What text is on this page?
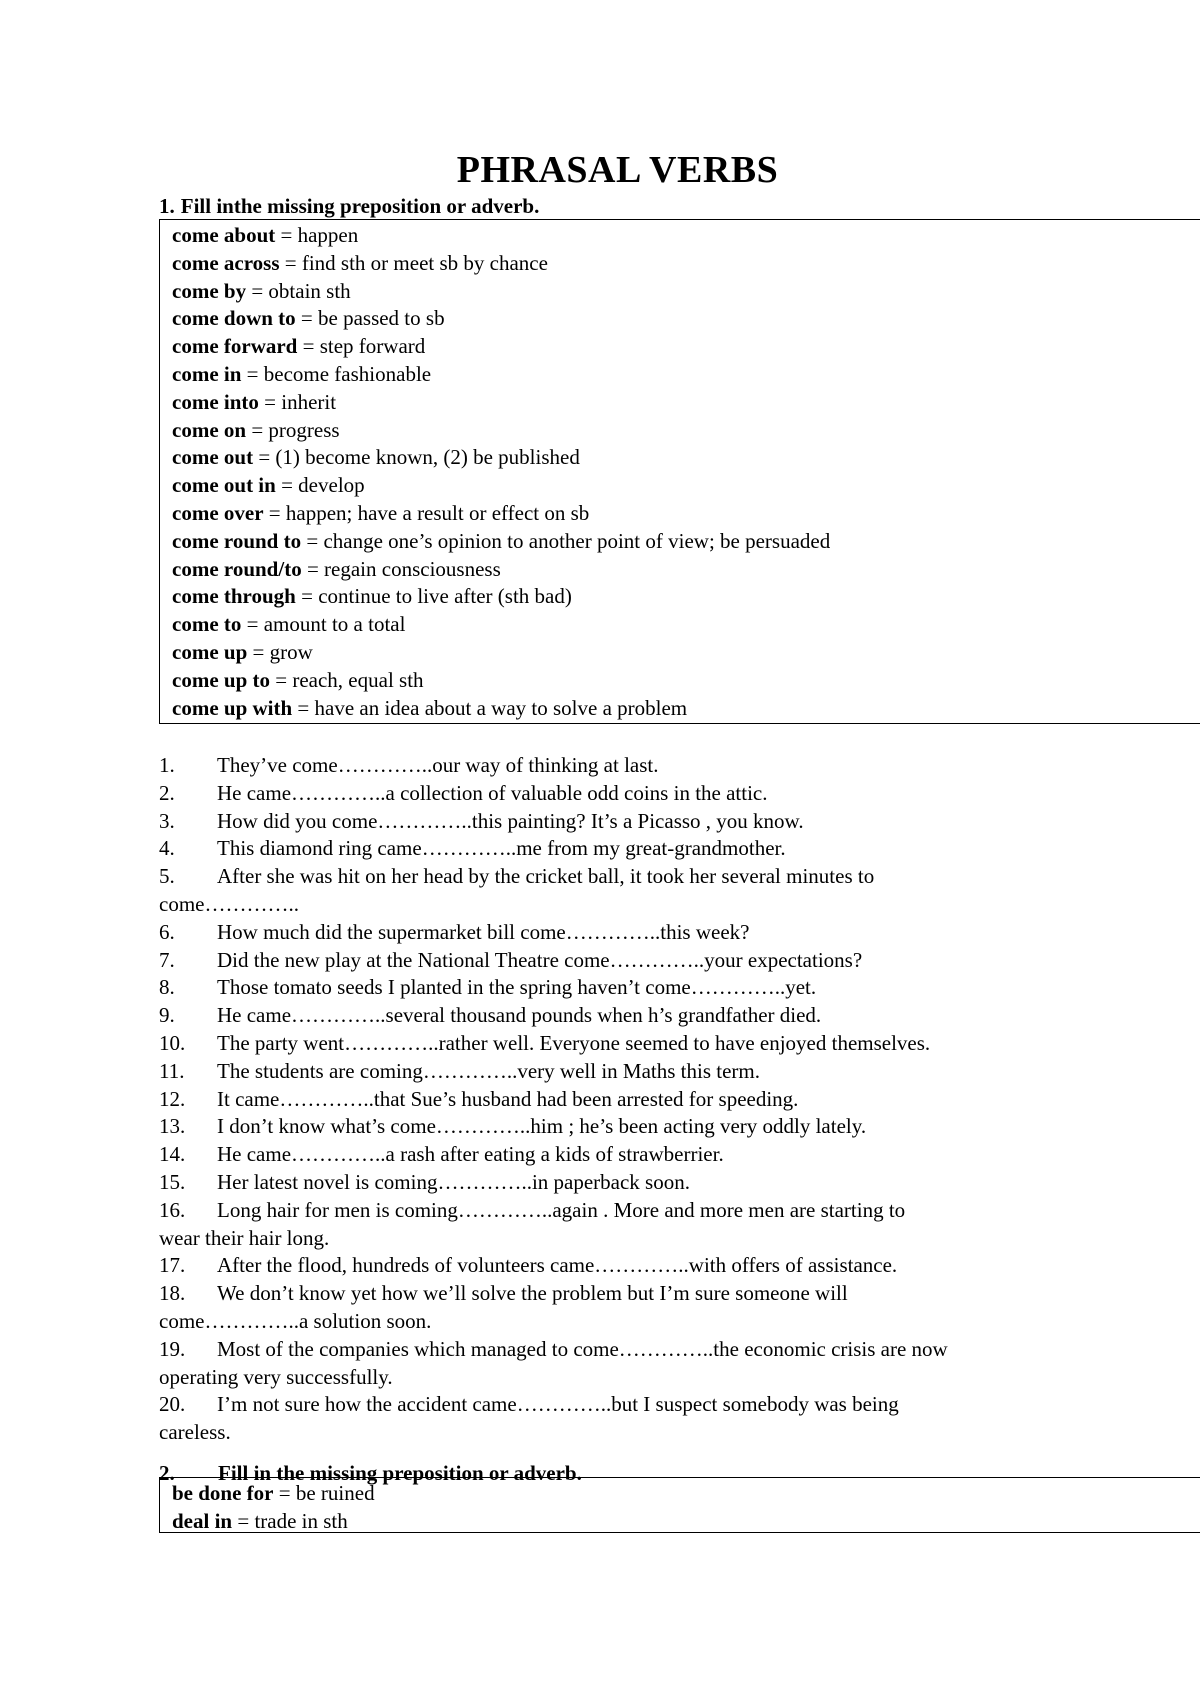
PHRASAL VERBS
1. Fill inthe missing preposition or adverb.
come about = happen
come across = find sth or meet sb by chance
come by = obtain sth
come down to = be passed to sb
come forward = step forward
come in = become fashionable
come into = inherit
come on = progress
come out = (1) become known, (2) be published
come out in = develop
come over = happen; have a result or effect on sb
come round to = change one’s opinion to another point of view; be persuaded
come round/to = regain consciousness
come through = continue to live after (sth bad)
come to = amount to a total
come up = grow
come up to = reach, equal sth
come up with = have an idea about a way to solve a problem
1. They’ve come…………..our way of thinking at last.
2. He came…………..a collection of valuable odd coins in the attic.
3. How did you come…………..this painting? It’s a Picasso , you know.
4. This diamond ring came…………..me from my great-grandmother.
5. After she was hit on her head by the cricket ball, it took her several minutes to
come…………..
6. How much did the supermarket bill come…………..this week?
7. Did the new play at the National Theatre come…………..your expectations?
8. Those tomato seeds I planted in the spring haven’t come…………..yet.
9. He came…………..several thousand pounds when h’s grandfather died.
10. The party went…………..rather well. Everyone seemed to have enjoyed themselves.
11. The students are coming…………..very well in Maths this term.
12. It came…………..that Sue’s husband had been arrested for speeding.
13. I don’t know what’s come…………..him ; he’s been acting very oddly lately.
14. He came…………..a rash after eating a kids of strawberrier.
15. Her latest novel is coming…………..in paperback soon.
16. Long hair for men is coming…………..again . More and more men are starting to
wear their hair long.
17. After the flood, hundreds of volunteers came…………..with offers of assistance.
18. We don’t know yet how we’ll solve the problem but I’m sure someone will
come…………..a solution soon.
19. Most of the companies which managed to come…………..the economic crisis are now
operating very successfully.
20. I’m not sure how the accident came…………..but I suspect somebody was being
careless.
2. Fill in the missing preposition or adverb.
be done for = be ruined
deal in = trade in sth
